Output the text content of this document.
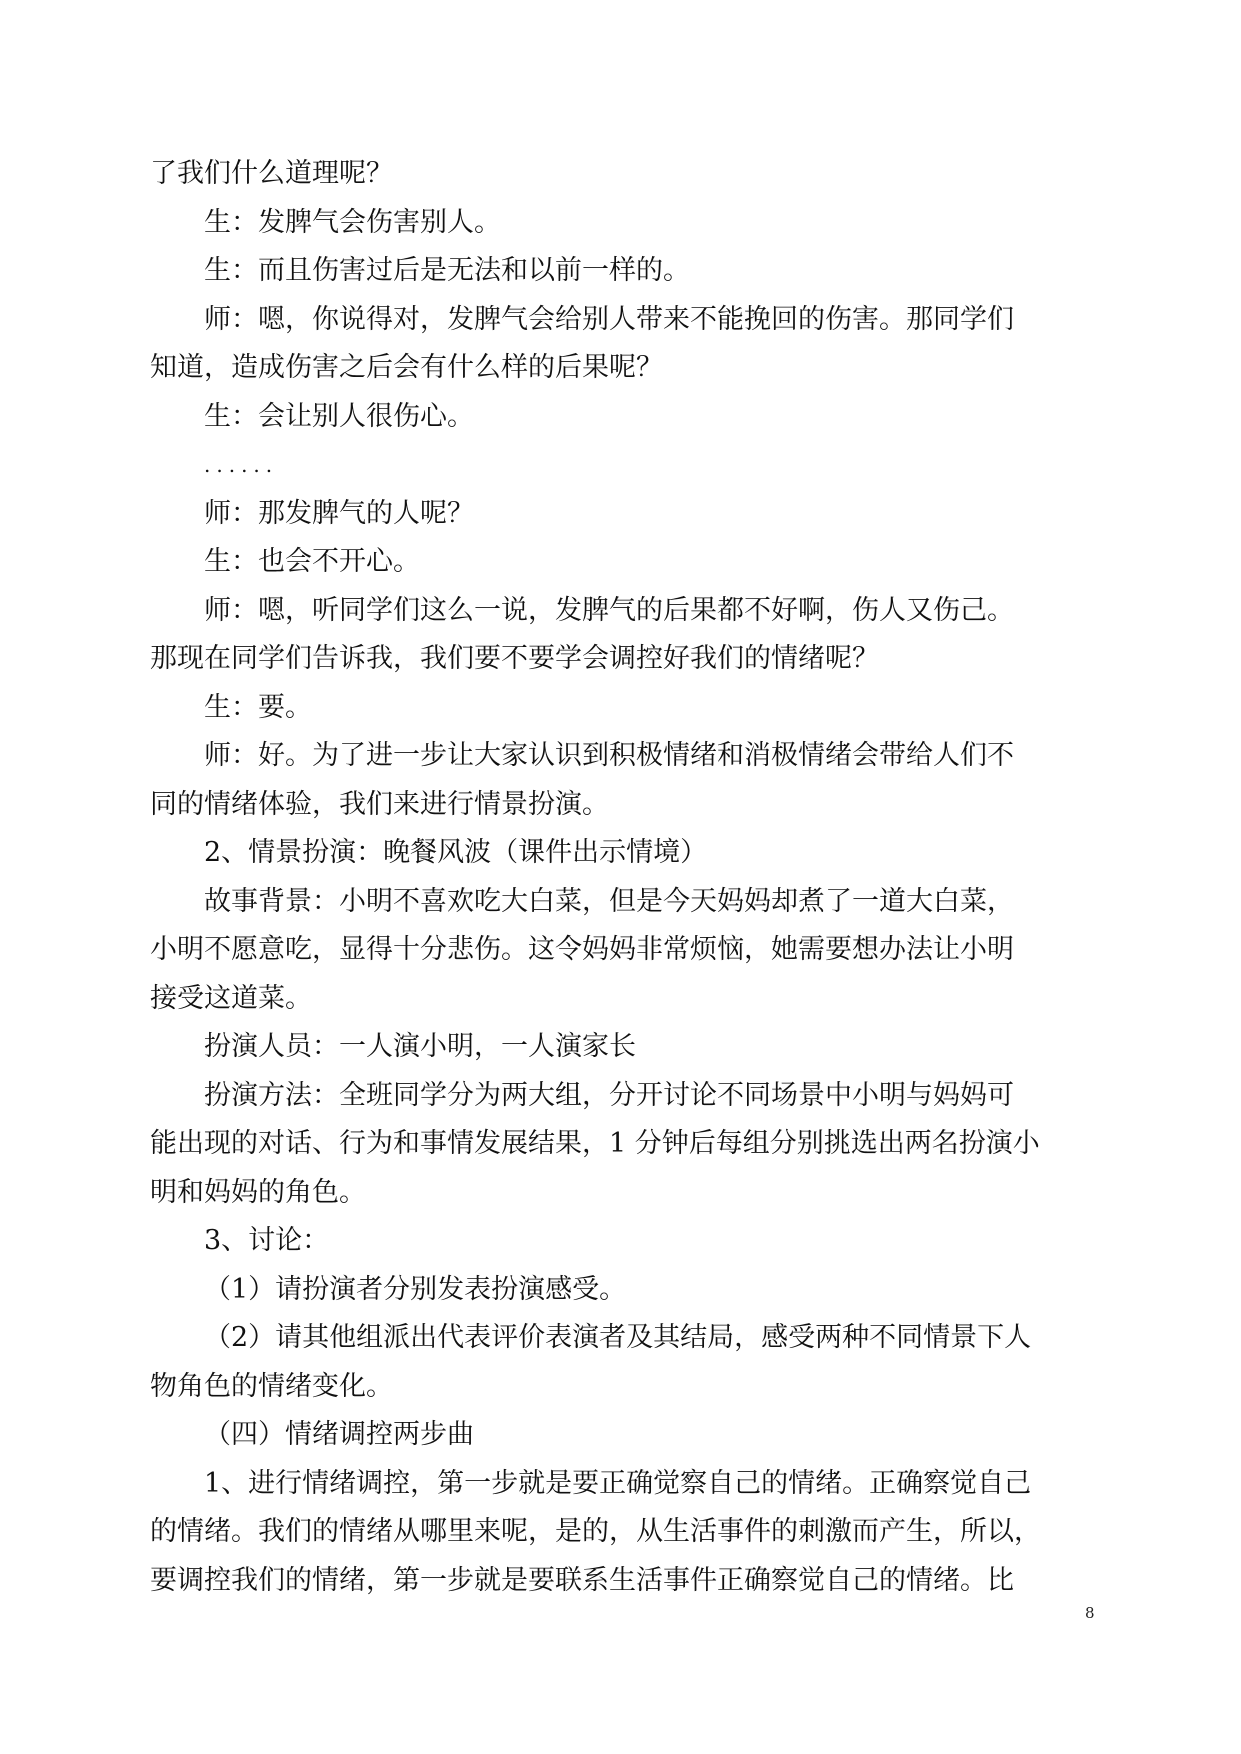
了我们什么道理呢？
生：发脾气会伤害别人。
生：而且伤害过后是无法和以前一样的。
师：嗯，你说得对，发脾气会给别人带来不能挽回的伤害。那同学们
知道，造成伤害之后会有什么样的后果呢？
生：会让别人很伤心。
......
师：那发脾气的人呢？
生：也会不开心。
师：嗯，听同学们这么一说，发脾气的后果都不好啊，伤人又伤己。
那现在同学们告诉我，我们要不要学会调控好我们的情绪呢？
生：要。
师：好。为了进一步让大家认识到积极情绪和消极情绪会带给人们不
同的情绪体验，我们来进行情景扮演。
2、情景扮演：晚餐风波（课件出示情境）
故事背景：小明不喜欢吃大白菜，但是今天妈妈却煮了一道大白菜，
小明不愿意吃，显得十分悲伤。这令妈妈非常烦恼，她需要想办法让小明
接受这道菜。
扮演人员：一人演小明，一人演家长
扮演方法：全班同学分为两大组，分开讨论不同场景中小明与妈妈可
能出现的对话、行为和事情发展结果，1 分钟后每组分别挑选出两名扮演小
明和妈妈的角色。
3、讨论：
（1）请扮演者分别发表扮演感受。
（2）请其他组派出代表评价表演者及其结局，感受两种不同情景下人
物角色的情绪变化。
（四）情绪调控两步曲
1、进行情绪调控，第一步就是要正确觉察自己的情绪。正确察觉自己
的情绪。我们的情绪从哪里来呢，是的，从生活事件的刺激而产生，所以，
要调控我们的情绪，第一步就是要联系生活事件正确察觉自己的情绪。比
8
